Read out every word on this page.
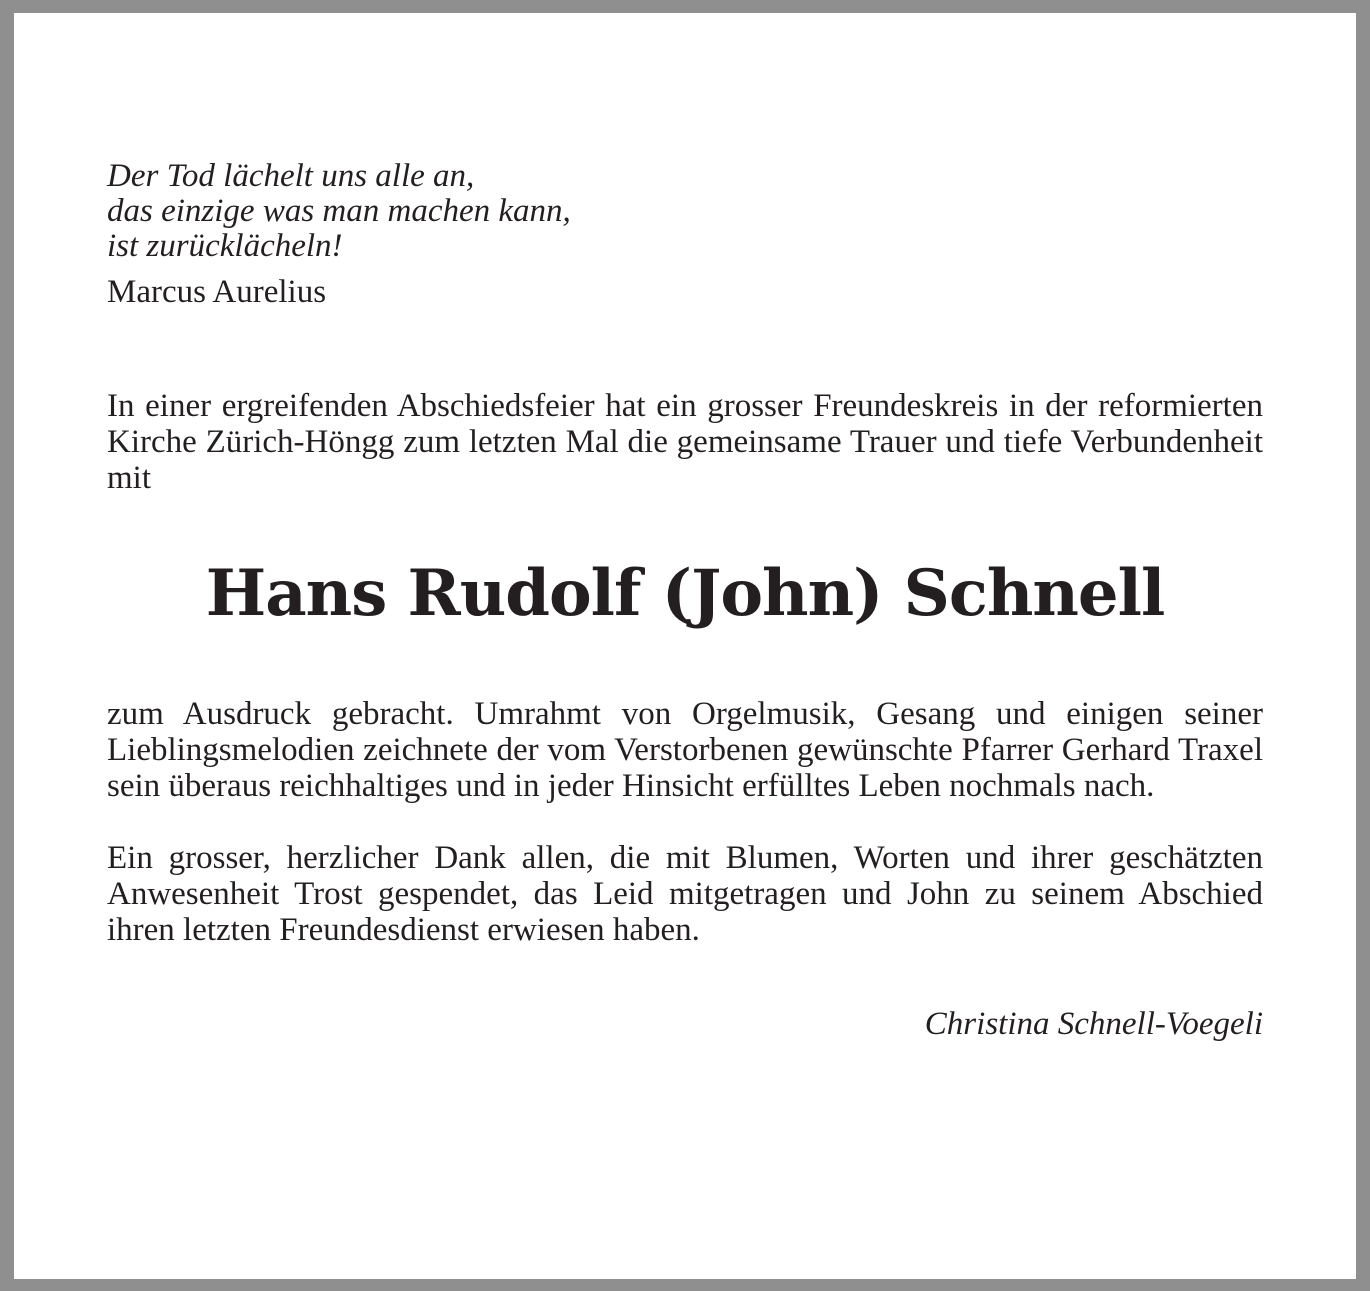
Der Tod lächelt uns alle an,
das einzige was man machen kann,
ist zurücklächeln!

Marcus Aurelius

In einer ergreifenden Abschiedsfeier hat ein grosser Freundeskreis in der reformierten Kirche Zürich-Höngg zum letzten Mal die gemeinsame Trauer und tiefe Verbundenheit mit

Hans Rudolf (John) Schnell

zum Ausdruck gebracht. Umrahmt von Orgelmusik, Gesang und einigen seiner Lieblingsmelodien zeichnete der vom Verstorbenen gewünschte Pfarrer Gerhard Traxel sein überaus reichhaltiges und in jeder Hinsicht erfülltes Leben nochmals nach.

Ein grosser, herzlicher Dank allen, die mit Blumen, Worten und ihrer geschätzten Anwesenheit Trost gespendet, das Leid mitgetragen und John zu seinem Abschied ihren letzten Freundesdienst erwiesen haben.

Christina Schnell-Voegeli
